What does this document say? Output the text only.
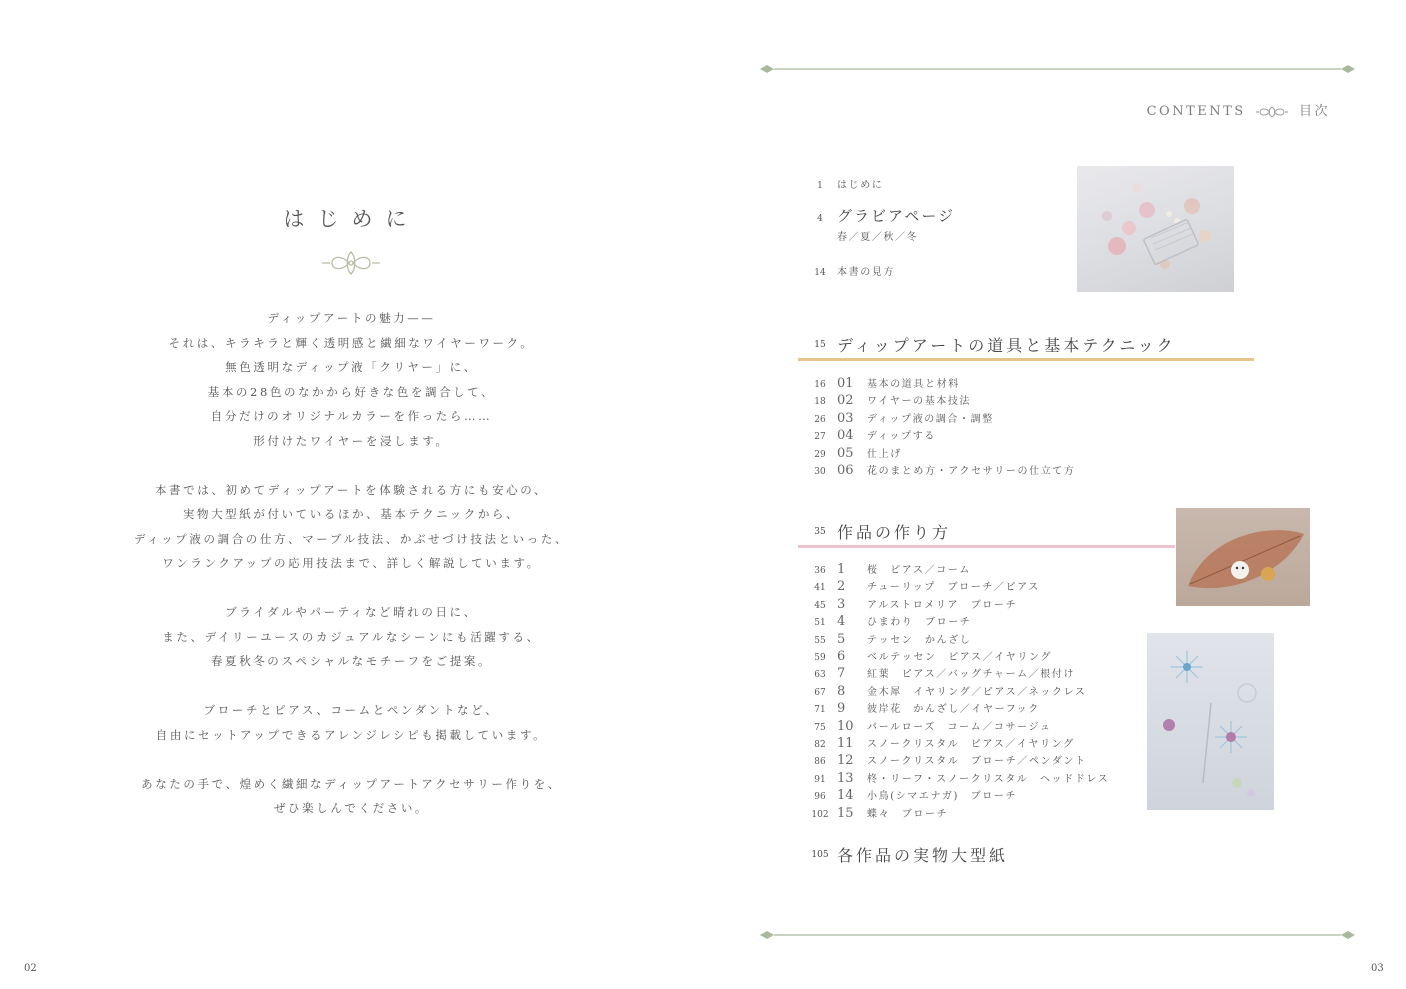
はじめに
ディップアートの魅力——
それは、キラキラと輝く透明感と繊細なワイヤーワーク。
無色透明なディップ液「クリヤー」に、
基本の28色のなかから好きな色を調合して、
自分だけのオリジナルカラーを作ったら……
形付けたワイヤーを浸します。
本書では、初めてディップアートを体験される方にも安心の、
実物大型紙が付いているほか、基本テクニックから、
ディップ液の調合の仕方、マーブル技法、かぶせづけ技法といった、
ワンランクアップの応用技法まで、詳しく解説しています。
ブライダルやパーティなど晴れの日に、
また、デイリーユースのカジュアルなシーンにも活躍する、
春夏秋冬のスペシャルなモチーフをご提案。
ブローチとピアス、コームとペンダントなど、
自由にセットアップできるアレンジレシピも掲載しています。
あなたの手で、煌めく繊細なディップアートアクセサリー作りを、
ぜひ楽しんでください。
02
CONTENTS	目次
1 はじめに
4 グラビアページ
春／夏／秋／冬
14 本書の見方
15 ディップアートの道具と基本テクニック
16 01 基本の道具と材料
18 02 ワイヤーの基本技法
26 03 ディップ液の調合・調整
27 04 ディップする
29 05 仕上げ
30 06 花のまとめ方・アクセサリーの仕立て方
35 作品の作り方
36 1 桜　ピアス／コーム
41 2 チューリップ　ブローチ／ピアス
45 3 アルストロメリア　ブローチ
51 4 ひまわり　ブローチ
55 5 テッセン　かんざし
59 6 ベルテッセン　ピアス／イヤリング
63 7 紅葉　ピアス／バッグチャーム／根付け
67 8 金木犀　イヤリング／ピアス／ネックレス
71 9 彼岸花　かんざし／イヤーフック
75 10 パールローズ　コーム／コサージュ
82 11 スノークリスタル　ピアス／イヤリング
86 12 スノークリスタル　ブローチ／ペンダント
91 13 柊・リーフ・スノークリスタル　ヘッドドレス
96 14 小鳥(シマエナガ)　ブローチ
102 15 蝶々　ブローチ
105 各作品の実物大型紙
03
